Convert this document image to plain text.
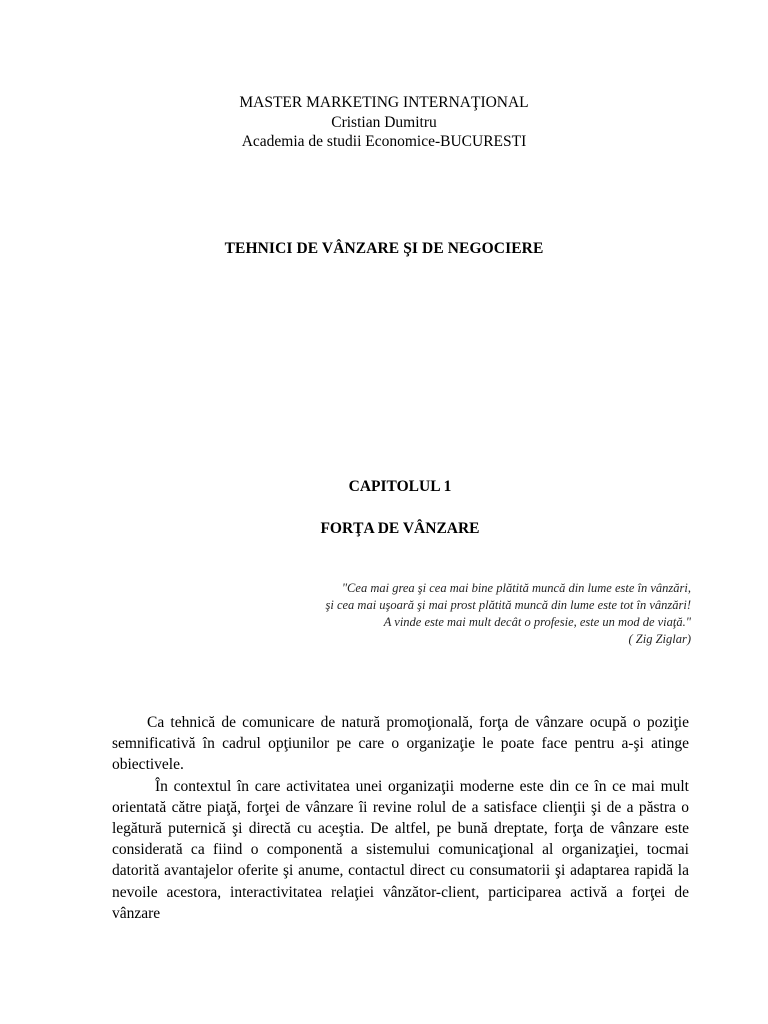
MASTER MARKETING INTERNAŢIONAL
Cristian Dumitru
Academia de studii Economice-BUCURESTI
TEHNICI DE VÂNZARE ŞI DE NEGOCIERE
CAPITOLUL 1
FORŢA DE VÂNZARE
"Cea mai grea şi cea mai bine plătită muncă din lume este în vânzări,
şi cea mai uşoară şi mai prost plătită muncă din lume este tot în vânzări!
A vinde este mai mult decât o profesie, este un mod de viaţă."
( Zig Ziglar)

Ca tehnică de comunicare de natură promoţională, forţa de vânzare ocupă o poziţie semnificativă în cadrul opţiunilor pe care o organizaţie le poate face pentru a-şi atinge obiectivele.

În contextul în care activitatea unei organizaţii moderne este din ce în ce mai mult orientată către piaţă, forţei de vânzare îi revine rolul de a satisface clienţii şi de a păstra o legătură puternică şi directă cu aceştia. De altfel, pe bună dreptate, forţa de vânzare este considerată ca fiind o componentă a sistemului comunicaţional al organizaţiei, tocmai datorită avantajelor oferite şi anume, contactul direct cu consumatorii şi adaptarea rapidă la nevoile acestora, interactivitatea relaţiei vânzător-client, participarea activă a forţei de vânzare
